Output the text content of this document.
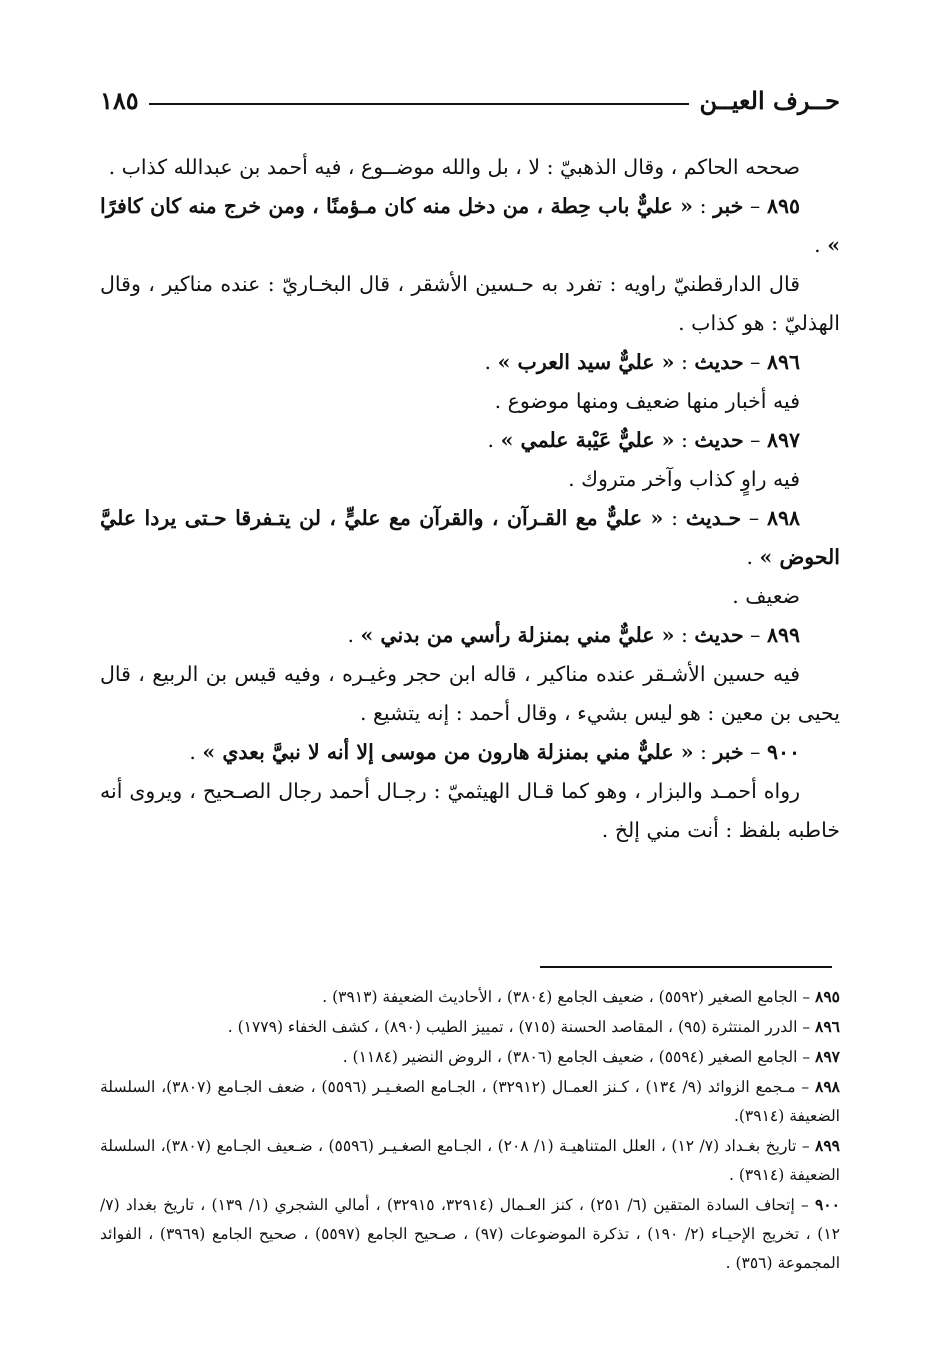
حــرف العيــن
١٨٥

صححه الحاكم ، وقال الذهبيّ : لا ، بل والله موضــوع ، فيه أحمد بن عبدالله كذاب .

٨٩٥ – خبر : « عليٌّ باب حِطة ، من دخل منه كان مـؤمنًا ، ومن خرج منه كان كافرًا » .

قال الدارقطنيّ راويه : تفرد به حـسين الأشقر ، قال البخـاريّ : عنده مناكير ، وقال الهذليّ : هو كذاب .

٨٩٦ – حديث : « عليٌّ سيد العرب » .

فيه أخبار منها ضعيف ومنها موضوع .

٨٩٧ – حديث : « عليٌّ عَيْبة علمي » .

فيه راوٍ كذاب وآخر متروك .

٨٩٨ – حـديث : « عليٌّ مع القـرآن ، والقرآن مع عليٍّ ، لن يتـفرقا حـتى يردا عليَّ الحوض » .

ضعيف .

٨٩٩ – حديث : « عليٌّ مني بمنزلة رأسي من بدني » .

فيه حسين الأشـقر عنده مناكير ، قاله ابن حجر وغيـره ، وفيه قيس بن الربيع ، قال يحيى بن معين : هو ليس بشيء ، وقال أحمد : إنه يتشيع .

٩٠٠ – خبر : « عليٌّ مني بمنزلة هارون من موسى إلا أنه لا نبيَّ بعدي » .

رواه أحمـد والبزار ، وهو كما قـال الهيثميّ : رجـال أحمد رجال الصـحيح ، ويروى أنه خاطبه بلفظ : أنت مني إلخ .

٨٩٥ – الجامع الصغير (٥٥٩٢) ، ضعيف الجامع (٣٨٠٤) ، الأحاديث الضعيفة (٣٩١٣) .

٨٩٦ – الدرر المنتثرة (٩٥) ، المقاصد الحسنة (٧١٥) ، تمييز الطيب (٨٩٠) ، كشف الخفاء (١٧٧٩) .

٨٩٧ – الجامع الصغير (٥٥٩٤) ، ضعيف الجامع (٣٨٠٦) ، الروض النضير (١١٨٤) .

٨٩٨ – مـجمع الزوائد (٩/ ١٣٤) ، كـنز العمـال (٣٢٩١٢) ، الجـامع الصغـيـر (٥٥٩٦) ، ضعف الجـامع (٣٨٠٧)، السلسلة الضعيفة (٣٩١٤).

٨٩٩ – تاريخ بغـداد (٧/ ١٢) ، العلل المتناهيـة (١/ ٢٠٨) ، الجـامع الصغـيـر (٥٥٩٦) ، ضـعيف الجـامع (٣٨٠٧)، السلسلة الضعيفة (٣٩١٤) .

٩٠٠ – إتحاف السادة المتقين (٦/ ٢٥١) ، كنز العـمال (٣٢٩١٤، ٣٢٩١٥) ، أمالي الشجري (١/ ١٣٩) ، تاريخ بغداد (٧/ ١٢) ، تخريج الإحيـاء (٢/ ١٩٠) ، تذكرة الموضوعات (٩٧) ، صـحيح الجامع (٥٥٩٧) ، صحيح الجامع (٣٩٦٩) ، الفوائد المجموعة (٣٥٦) .
